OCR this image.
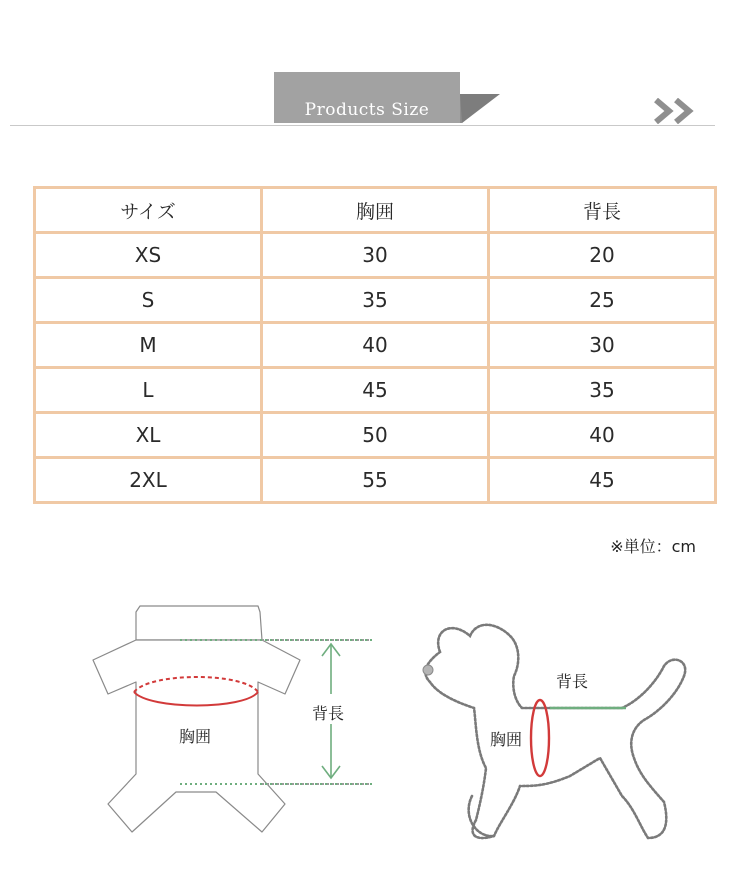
Products Size
サイズ	胸囲	背長
XS	30	20
S	35	25
M	40	30
L	45	35
XL	50	40
2XL	55	45
※単位：cm
胸囲
背長
胸囲
背長
